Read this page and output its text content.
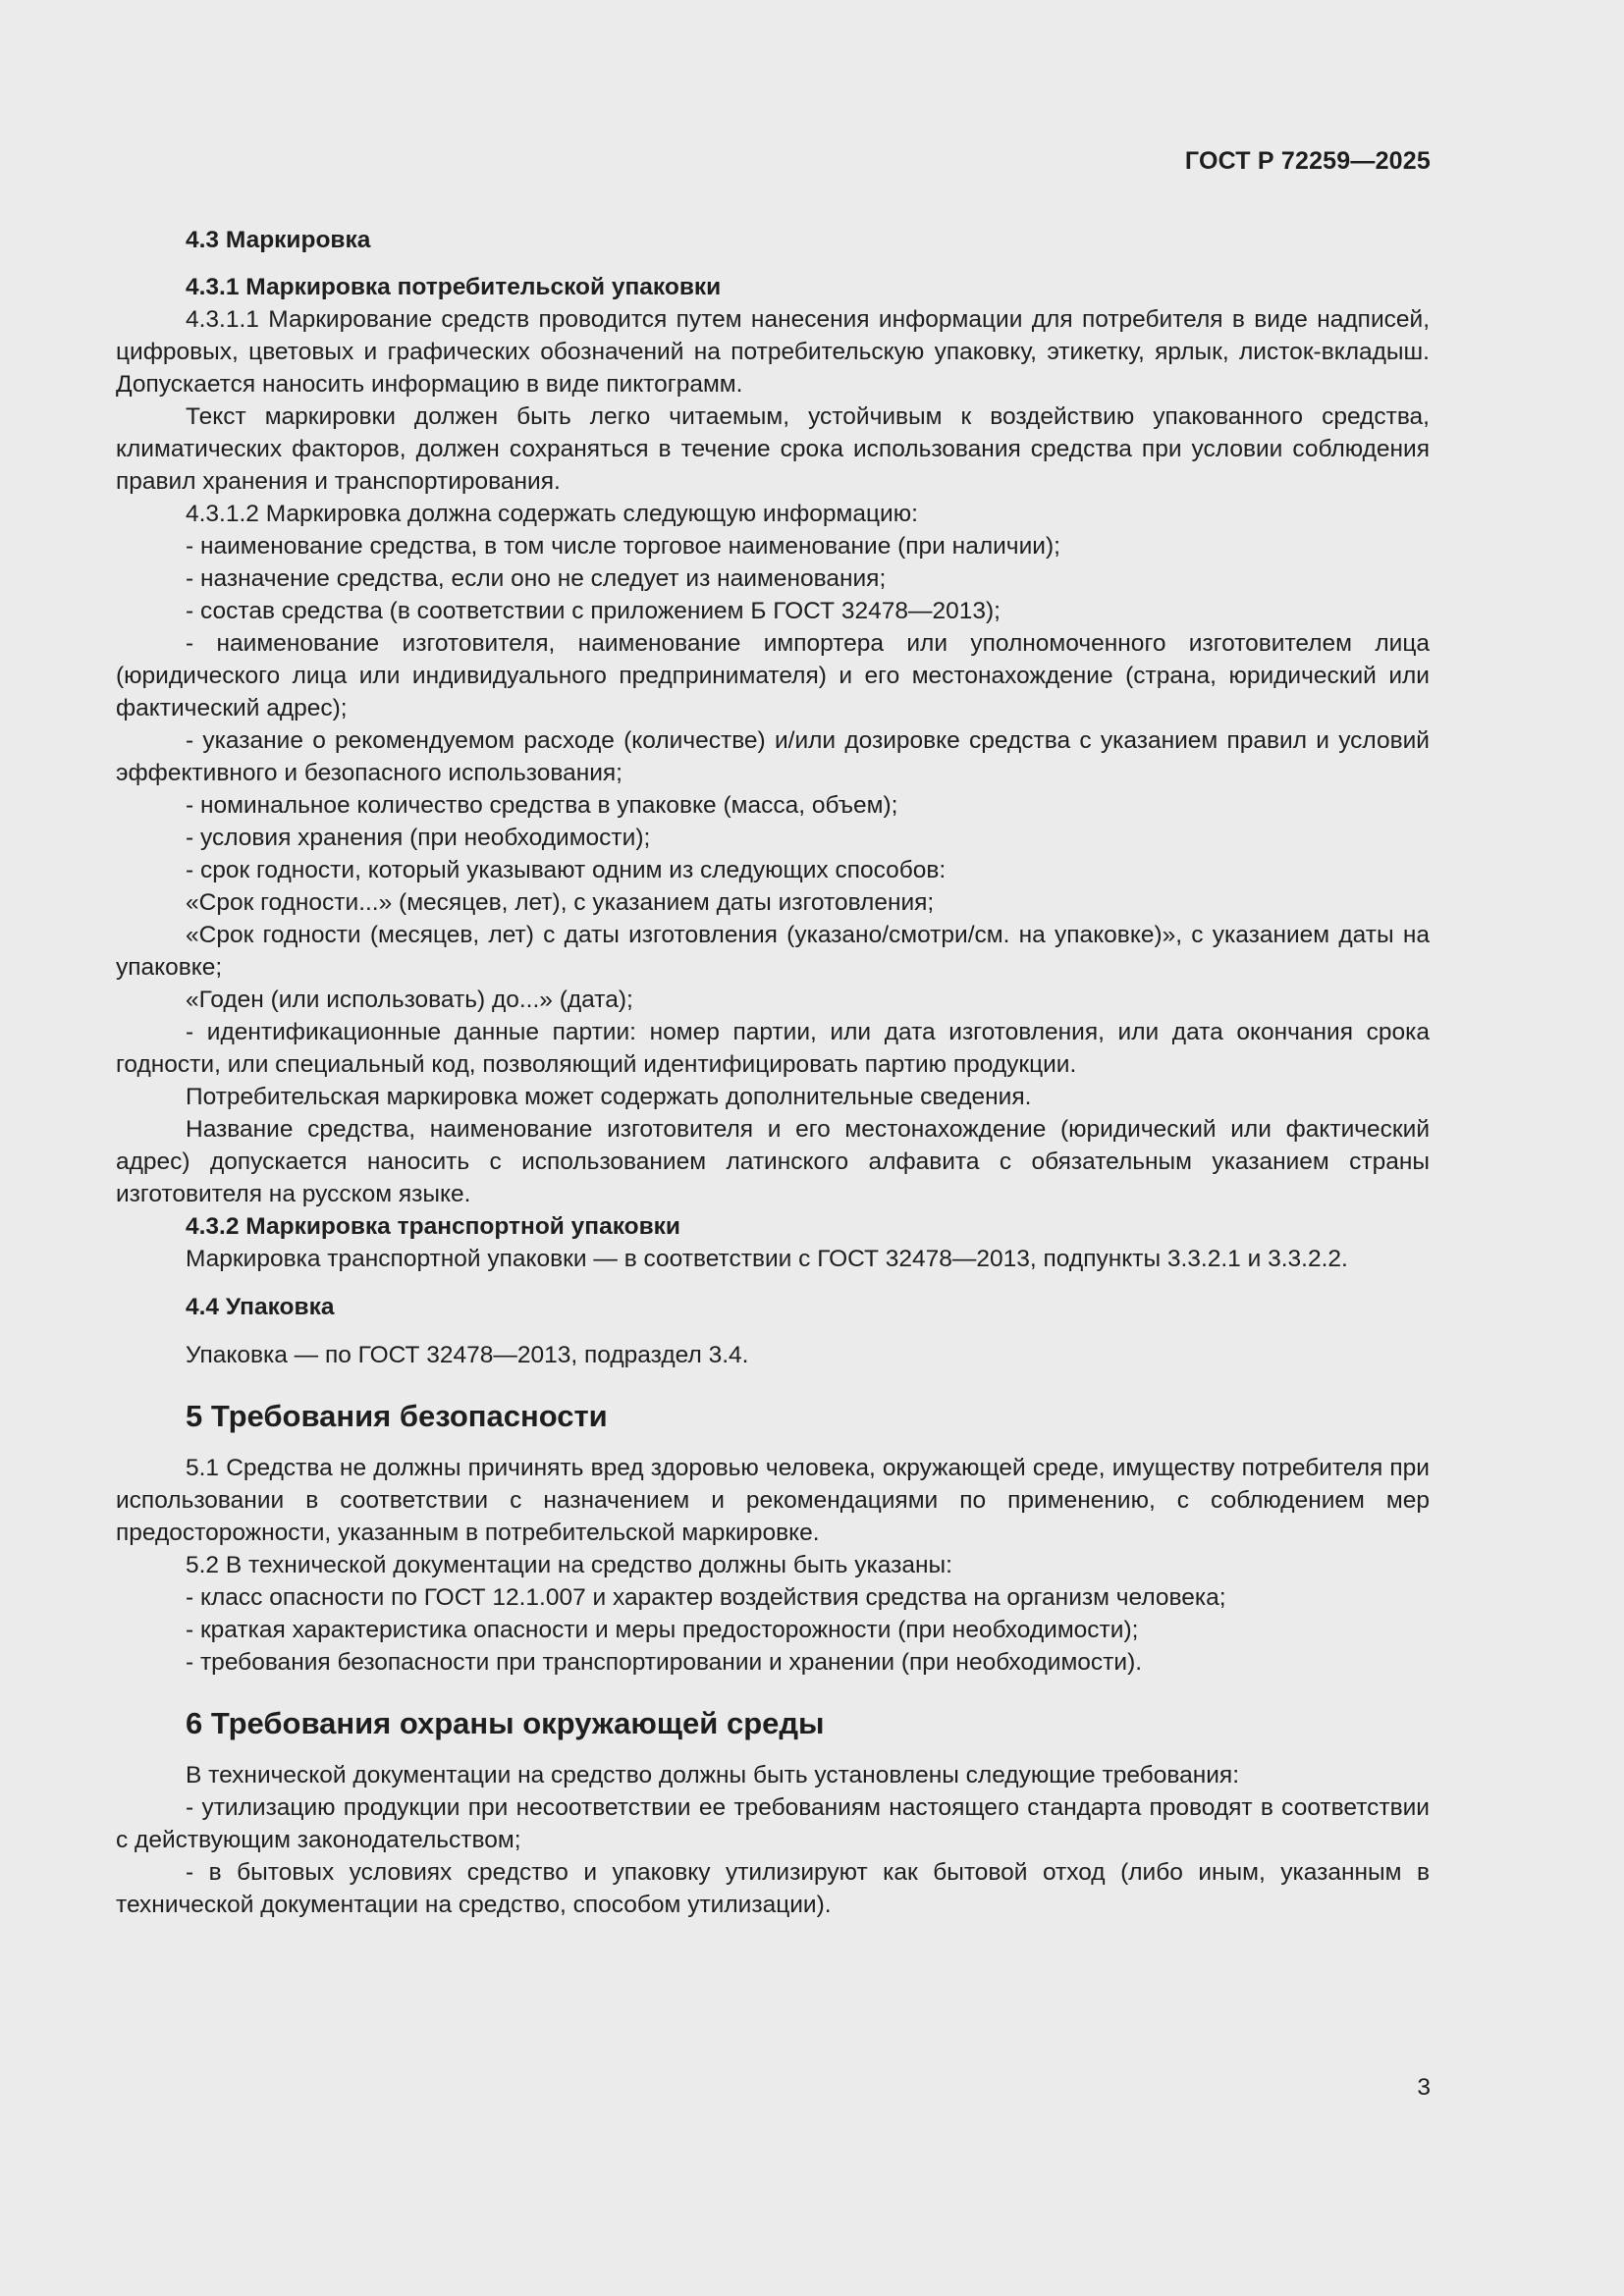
ГОСТ Р 72259—2025
4.3 Маркировка
4.3.1 Маркировка потребительской упаковки

4.3.1.1 Маркирование средств проводится путем нанесения информации для потребителя в виде надписей, цифровых, цветовых и графических обозначений на потребительскую упаковку, этикетку, ярлык, листок-вкладыш. Допускается наносить информацию в виде пиктограмм.

Текст маркировки должен быть легко читаемым, устойчивым к воздействию упакованного средства, климатических факторов, должен сохраняться в течение срока использования средства при условии соблюдения правил хранения и транспортирования.

4.3.1.2 Маркировка должна содержать следующую информацию:

- наименование средства, в том числе торговое наименование (при наличии);

- назначение средства, если оно не следует из наименования;

- состав средства (в соответствии с приложением Б ГОСТ 32478—2013);

- наименование изготовителя, наименование импортера или уполномоченного изготовителем лица (юридического лица или индивидуального предпринимателя) и его местонахождение (страна, юридический или фактический адрес);

- указание о рекомендуемом расходе (количестве) и/или дозировке средства с указанием правил и условий эффективного и безопасного использования;

- номинальное количество средства в упаковке (масса, объем);

- условия хранения (при необходимости);

- срок годности, который указывают одним из следующих способов:

«Срок годности...» (месяцев, лет), с указанием даты изготовления;

«Срок годности (месяцев, лет) с даты изготовления (указано/смотри/см. на упаковке)», с указанием даты на упаковке;

«Годен (или использовать) до...» (дата);

- идентификационные данные партии: номер партии, или дата изготовления, или дата окончания срока годности, или специальный код, позволяющий идентифицировать партию продукции.

Потребительская маркировка может содержать дополнительные сведения.

Название средства, наименование изготовителя и его местонахождение (юридический или фактический адрес) допускается наносить с использованием латинского алфавита с обязательным указанием страны изготовителя на русском языке.

4.3.2 Маркировка транспортной упаковки

Маркировка транспортной упаковки — в соответствии с ГОСТ 32478—2013, подпункты 3.3.2.1 и 3.3.2.2.

4.4 Упаковка

Упаковка — по ГОСТ 32478—2013, подраздел 3.4.

5 Требования безопасности

5.1 Средства не должны причинять вред здоровью человека, окружающей среде, имуществу потребителя при использовании в соответствии с назначением и рекомендациями по применению, с соблюдением мер предосторожности, указанным в потребительской маркировке.

5.2 В технической документации на средство должны быть указаны:

- класс опасности по ГОСТ 12.1.007 и характер воздействия средства на организм человека;

- краткая характеристика опасности и меры предосторожности (при необходимости);

- требования безопасности при транспортировании и хранении (при необходимости).

6 Требования охраны окружающей среды

В технической документации на средство должны быть установлены следующие требования:

- утилизацию продукции при несоответствии ее требованиям настоящего стандарта проводят в соответствии с действующим законодательством;

- в бытовых условиях средство и упаковку утилизируют как бытовой отход (либо иным, указанным в технической документации на средство, способом утилизации).

3
